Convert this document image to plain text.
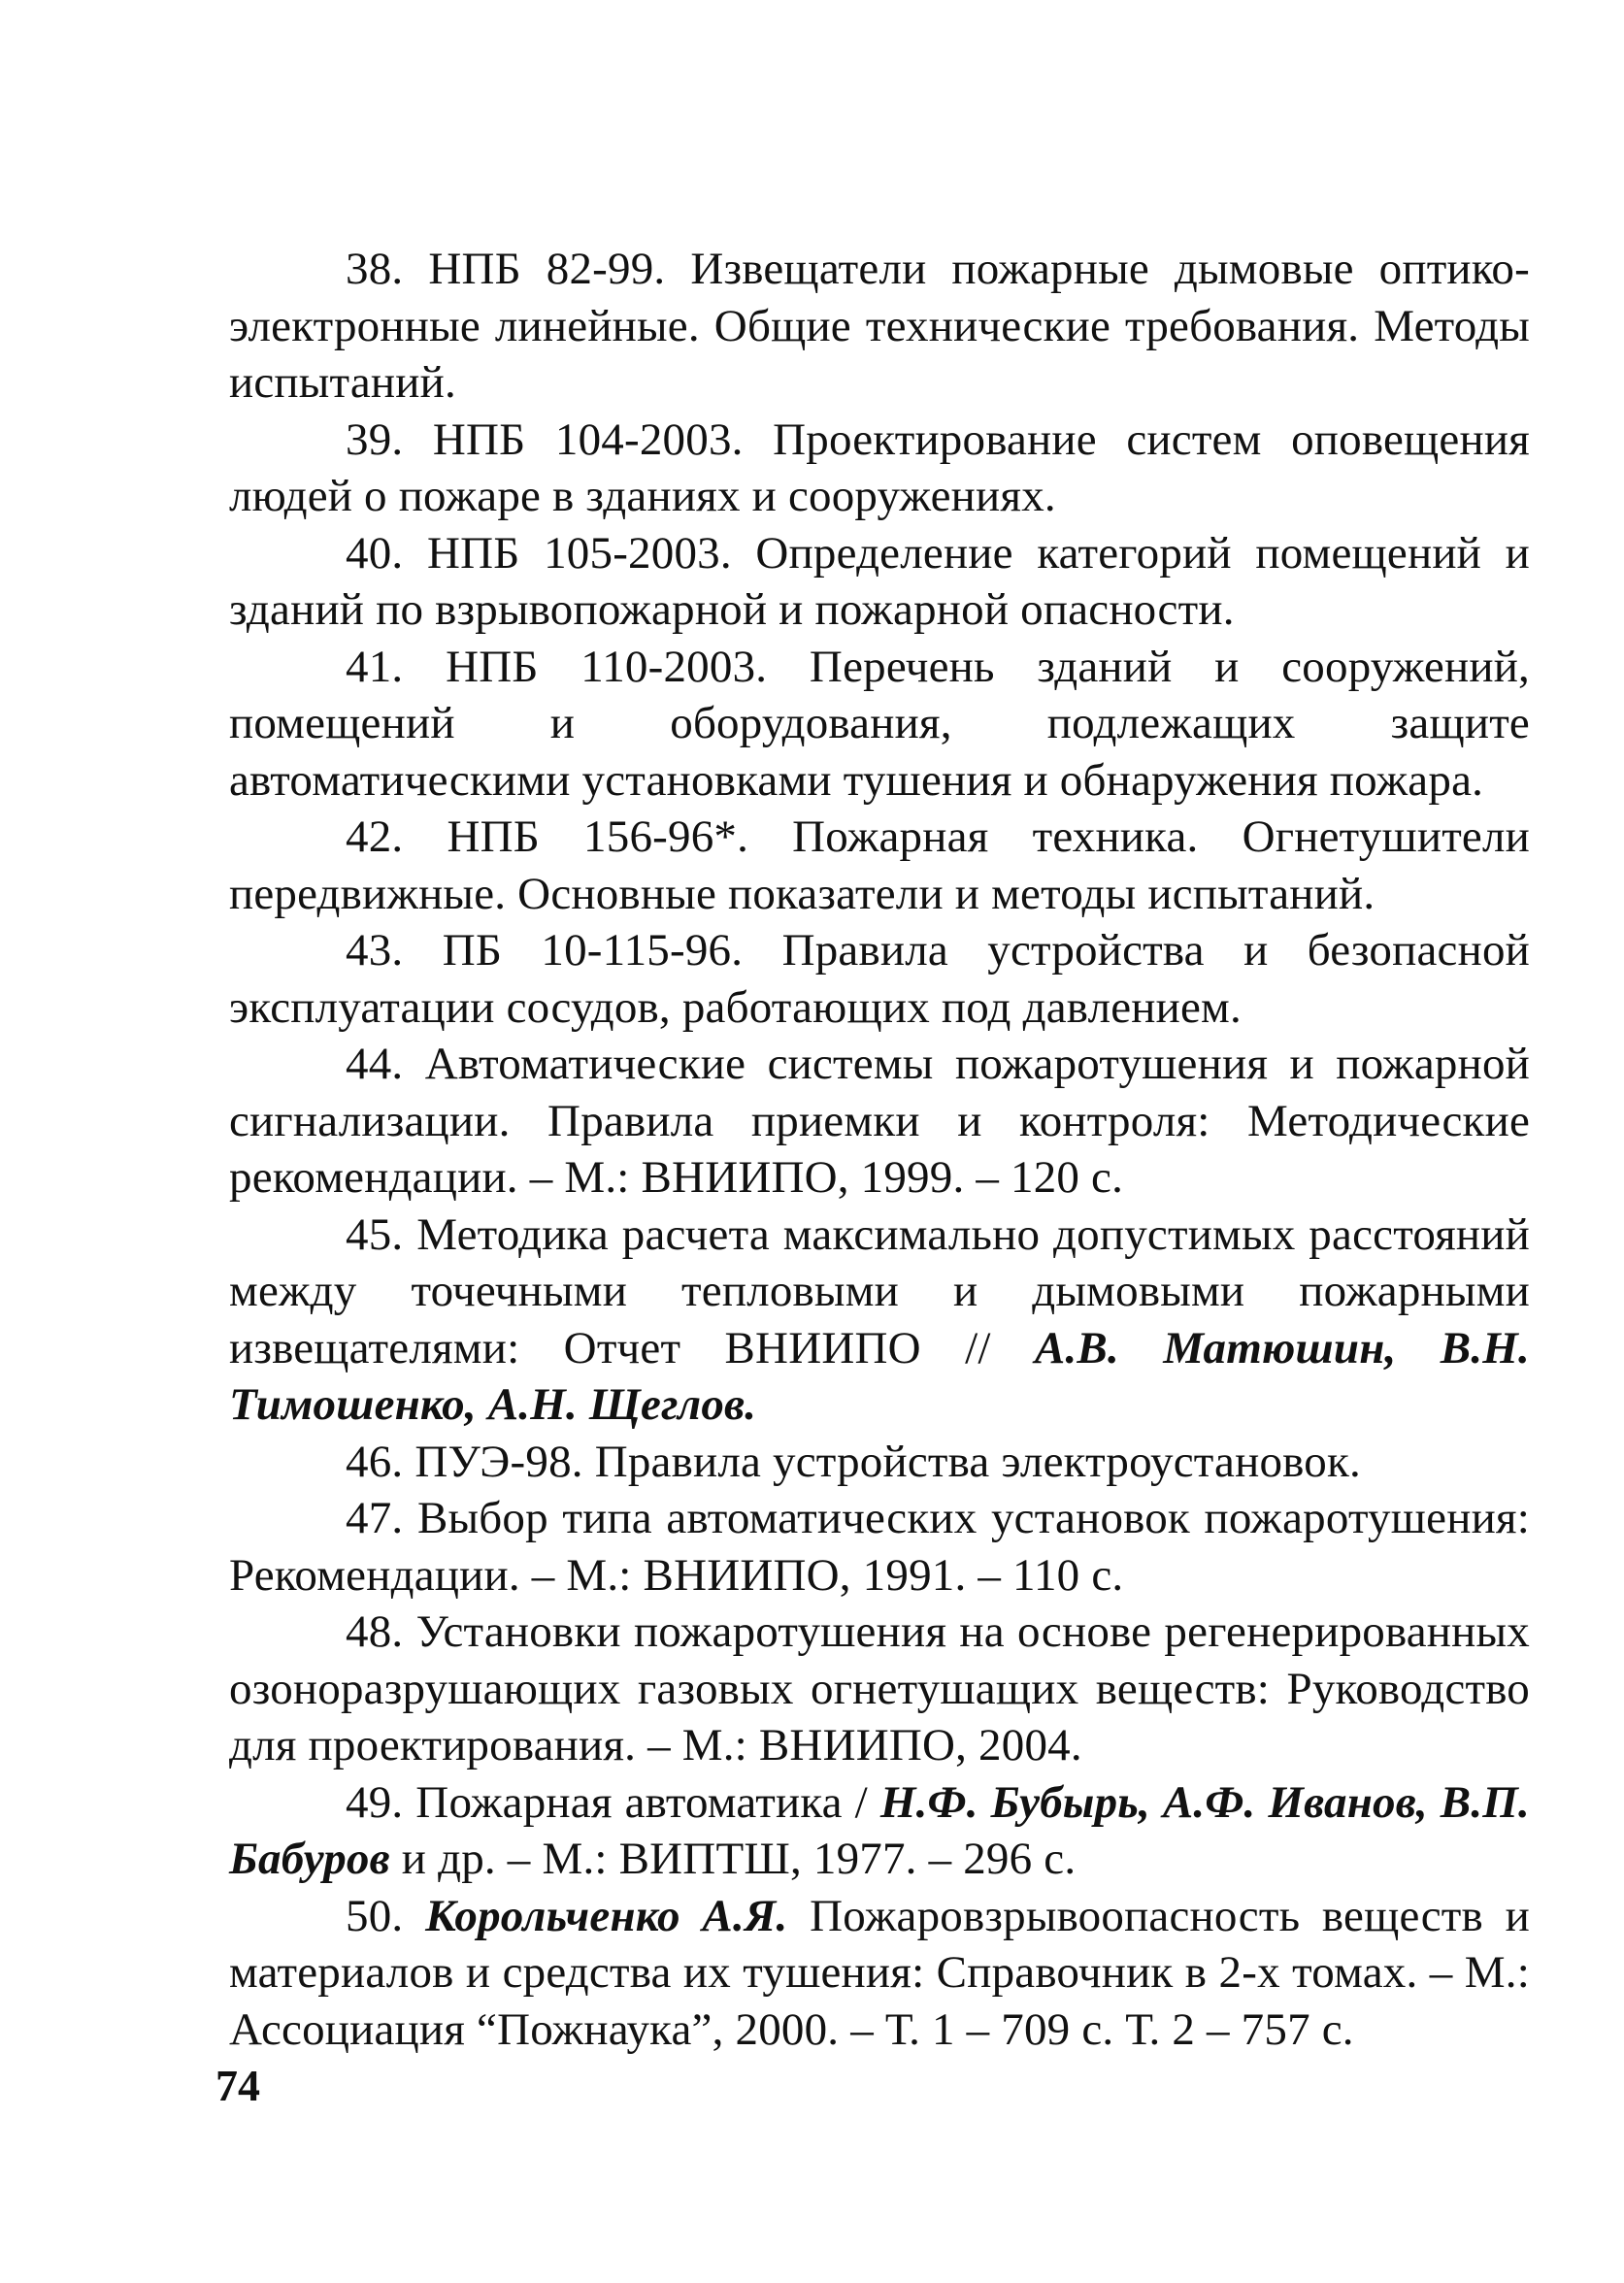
38. НПБ 82-99. Извещатели пожарные дымовые оптико-электронные линейные. Общие технические требования. Методы испытаний.

39. НПБ 104-2003. Проектирование систем оповещения людей о пожаре в зданиях и сооружениях.

40. НПБ 105-2003. Определение категорий помещений и зданий по взрывопожарной и пожарной опасности.

41. НПБ 110-2003. Перечень зданий и сооружений, помещений и оборудования, подлежащих защите автоматическими установками тушения и обнаружения пожара.

42. НПБ 156-96*. Пожарная техника. Огнетушители передвижные. Основные показатели и методы испытаний.

43. ПБ 10-115-96. Правила устройства и безопасной эксплуатации сосудов, работающих под давлением.

44. Автоматические системы пожаротушения и пожарной сигнализации. Правила приемки и контроля: Методические рекомендации. – М.: ВНИИПО, 1999. – 120 с.

45. Методика расчета максимально допустимых расстояний между точечными тепловыми и дымовыми пожарными извещателями: Отчет ВНИИПО // А.В. Матюшин, В.Н. Тимошенко, А.Н. Щеглов.

46. ПУЭ-98. Правила устройства электроустановок.

47. Выбор типа автоматических установок пожаротушения: Рекомендации. – М.: ВНИИПО, 1991. – 110 с.

48. Установки пожаротушения на основе регенерированных озоноразрушающих газовых огнетушащих веществ: Руководство для проектирования. – М.: ВНИИПО, 2004.

49. Пожарная автоматика / Н.Ф. Бубырь, А.Ф. Иванов, В.П. Бабуров и др. – М.: ВИПТШ, 1977. – 296 с.

50. Корольченко А.Я. Пожаровзрывоопасность веществ и материалов и средства их тушения: Справочник в 2-х томах. – М.: Ассоциация “Пожнаука”, 2000. – Т. 1 – 709 с. Т. 2 – 757 с.

74
